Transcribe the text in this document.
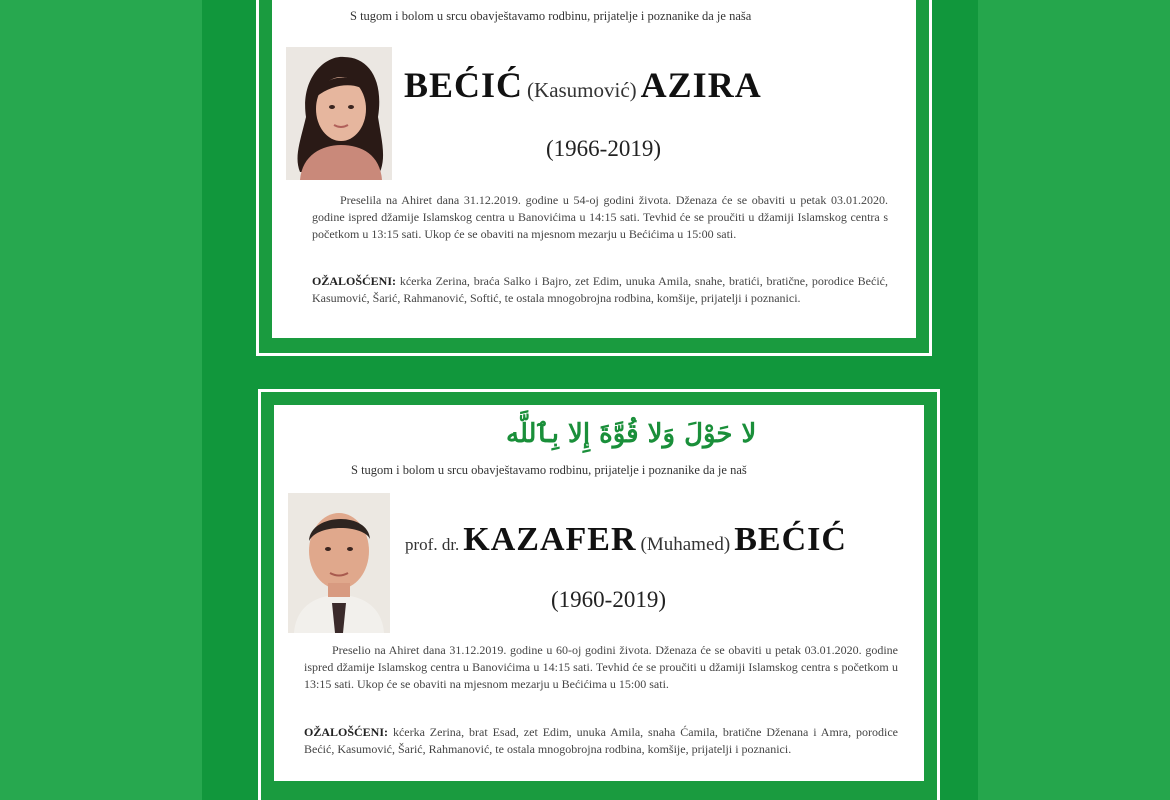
S tugom i bolom u srcu obavještavamo rodbinu, prijatelje i poznanike da je naša
BEĆIĆ (Kasumović) AZIRA
(1966-2019)

Preselila na Ahiret dana 31.12.2019. godine u 54-oj godini života. Dženaza će se obaviti u petak 03.01.2020. godine ispred džamije Islamskog centra u Banovićima u 14:15 sati. Tevhid će se proučiti u džamiji Islamskog centra s početkom u 13:15 sati. Ukop će se obaviti na mjesnom mezarju u Bećićima u 15:00 sati.

OŽALOŠĆENI: kćerka Zerina, braća Salko i Bajro, zet Edim, unuka Amila, snahe, bratići, bratične, porodice Bećić, Kasumović, Šarić, Rahmanović, Softić, te ostala mnogobrojna rodbina, komšije, prijatelji i poznanici.
لا حَوْلَ وَلا قُوَّةَ إِلا بِٱللَّه
S tugom i bolom u srcu obavještavamo rodbinu, prijatelje i poznanike da je naš
prof. dr. KAZAFER (Muhamed) BEĆIĆ
(1960-2019)

Preselio na Ahiret dana 31.12.2019. godine u 60-oj godini života. Dženaza će se obaviti u petak 03.01.2020. godine ispred džamije Islamskog centra u Banovićima u 14:15 sati. Tevhid će se proučiti u džamiji Islamskog centra s početkom u 13:15 sati. Ukop će se obaviti na mjesnom mezarju u Bećićima u 15:00 sati.

OŽALOŠĆENI: kćerka Zerina, brat Esad, zet Edim, unuka Amila, snaha Ćamila, bratične Dženana i Amra, porodice Bećić, Kasumović, Šarić, Rahmanović, te ostala mnogobrojna rodbina, komšije, prijatelji i poznanici.
